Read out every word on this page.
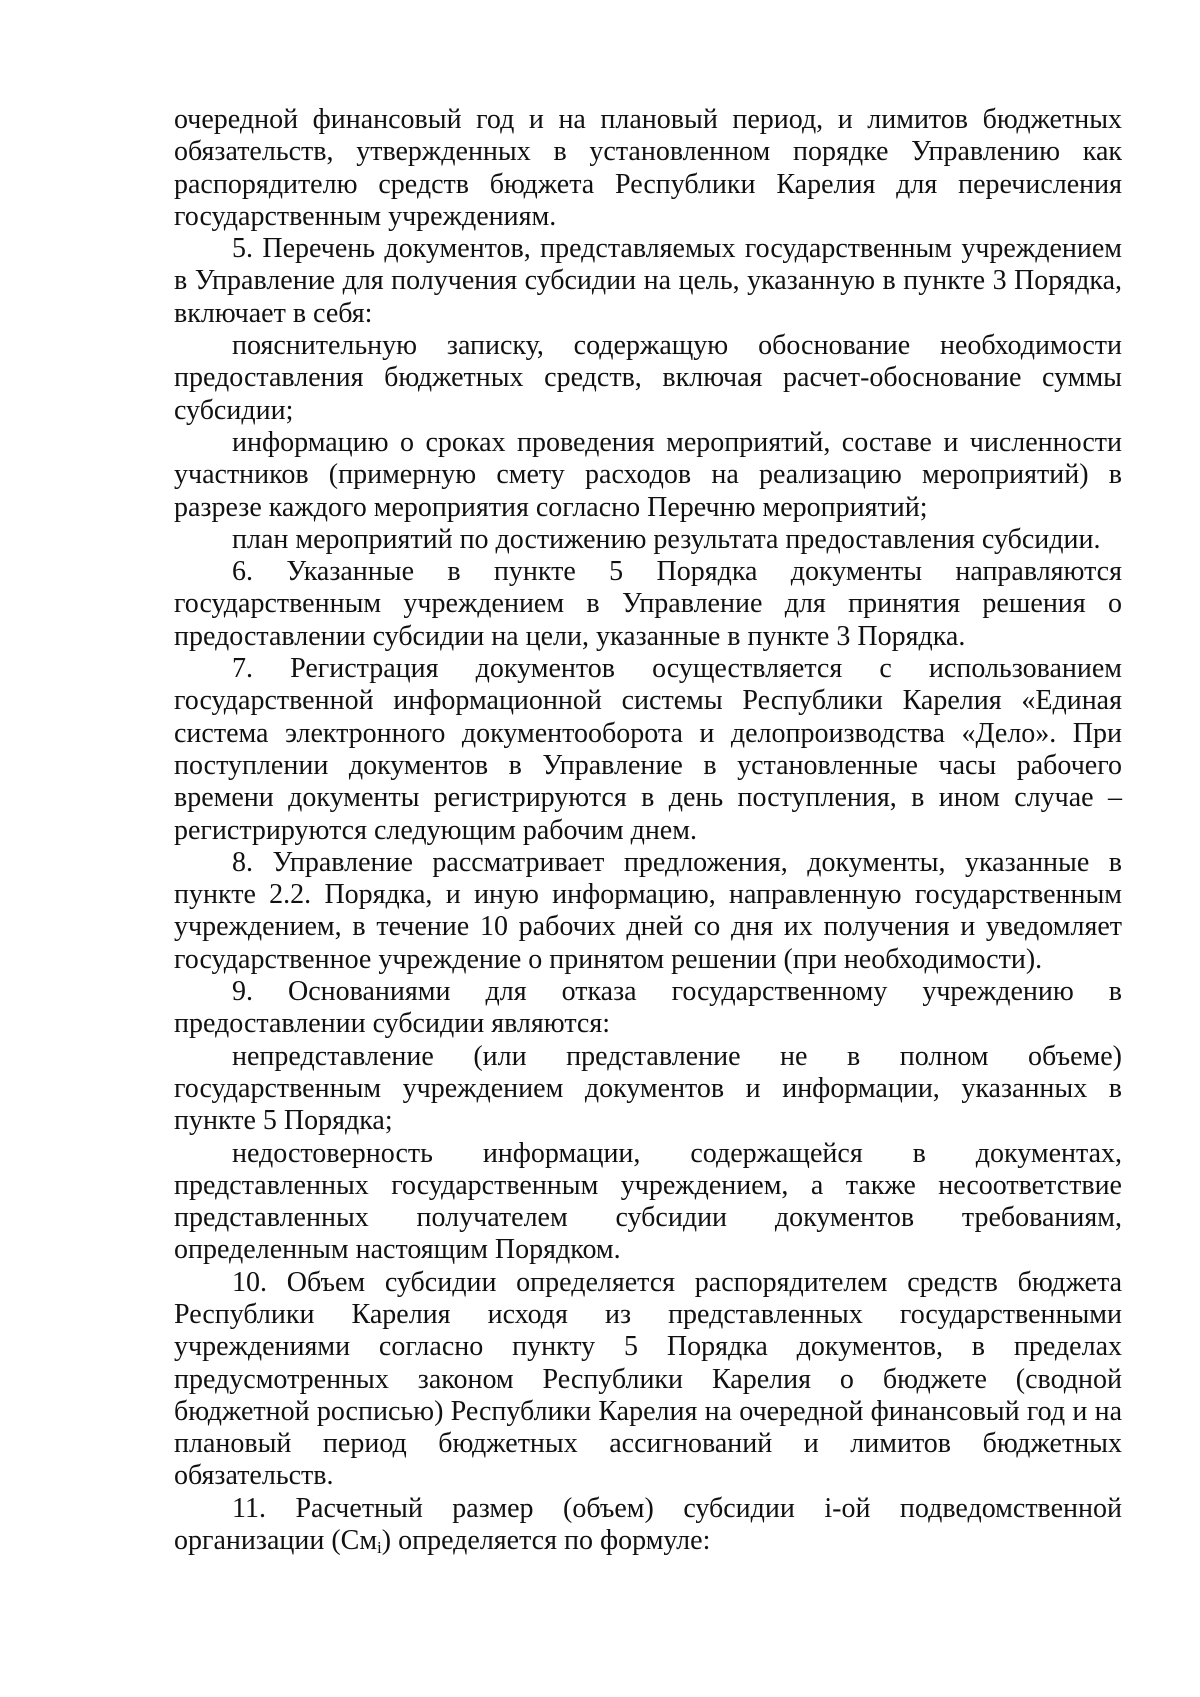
очередной финансовый год и на плановый период, и лимитов бюджетных обязательств, утвержденных в установленном порядке Управлению как распорядителю средств бюджета Республики Карелия для перечисления государственным учреждениям.

5. Перечень документов, представляемых государственным учреждением в Управление для получения субсидии на цель, указанную в пункте 3 Порядка, включает в себя:

пояснительную записку, содержащую обоснование необходимости предоставления бюджетных средств, включая расчет-обоснование суммы субсидии;

информацию о сроках проведения мероприятий, составе и численности участников (примерную смету расходов на реализацию мероприятий) в разрезе каждого мероприятия согласно Перечню мероприятий;

план мероприятий по достижению результата предоставления субсидии.

6. Указанные в пункте 5 Порядка документы направляются государственным учреждением в Управление для принятия решения о предоставлении субсидии на цели, указанные в пункте 3 Порядка.

7. Регистрация документов осуществляется с использованием государственной информационной системы Республики Карелия «Единая система электронного документооборота и делопроизводства «Дело». При поступлении документов в Управление в установленные часы рабочего времени документы регистрируются в день поступления, в ином случае – регистрируются следующим рабочим днем.

8. Управление рассматривает предложения, документы, указанные в пункте 2.2. Порядка, и иную информацию, направленную государственным учреждением, в течение 10 рабочих дней со дня их получения и уведомляет государственное учреждение о принятом решении (при необходимости).

9. Основаниями для отказа государственному учреждению в предоставлении субсидии являются:

непредставление (или представление не в полном объеме) государственным учреждением документов и информации, указанных в пункте 5 Порядка;

недостоверность информации, содержащейся в документах, представленных государственным учреждением, а также несоответствие представленных получателем субсидии документов требованиям, определенным настоящим Порядком.

10. Объем субсидии определяется распорядителем средств бюджета Республики Карелия исходя из представленных государственными учреждениями согласно пункту 5 Порядка документов, в пределах предусмотренных законом Республики Карелия о бюджете (сводной бюджетной росписью) Республики Карелия на очередной финансовый год и на плановый период бюджетных ассигнований и лимитов бюджетных обязательств.

11. Расчетный размер (объем) субсидии i-ой подведомственной организации $(См_i)$ определяется по формуле:
